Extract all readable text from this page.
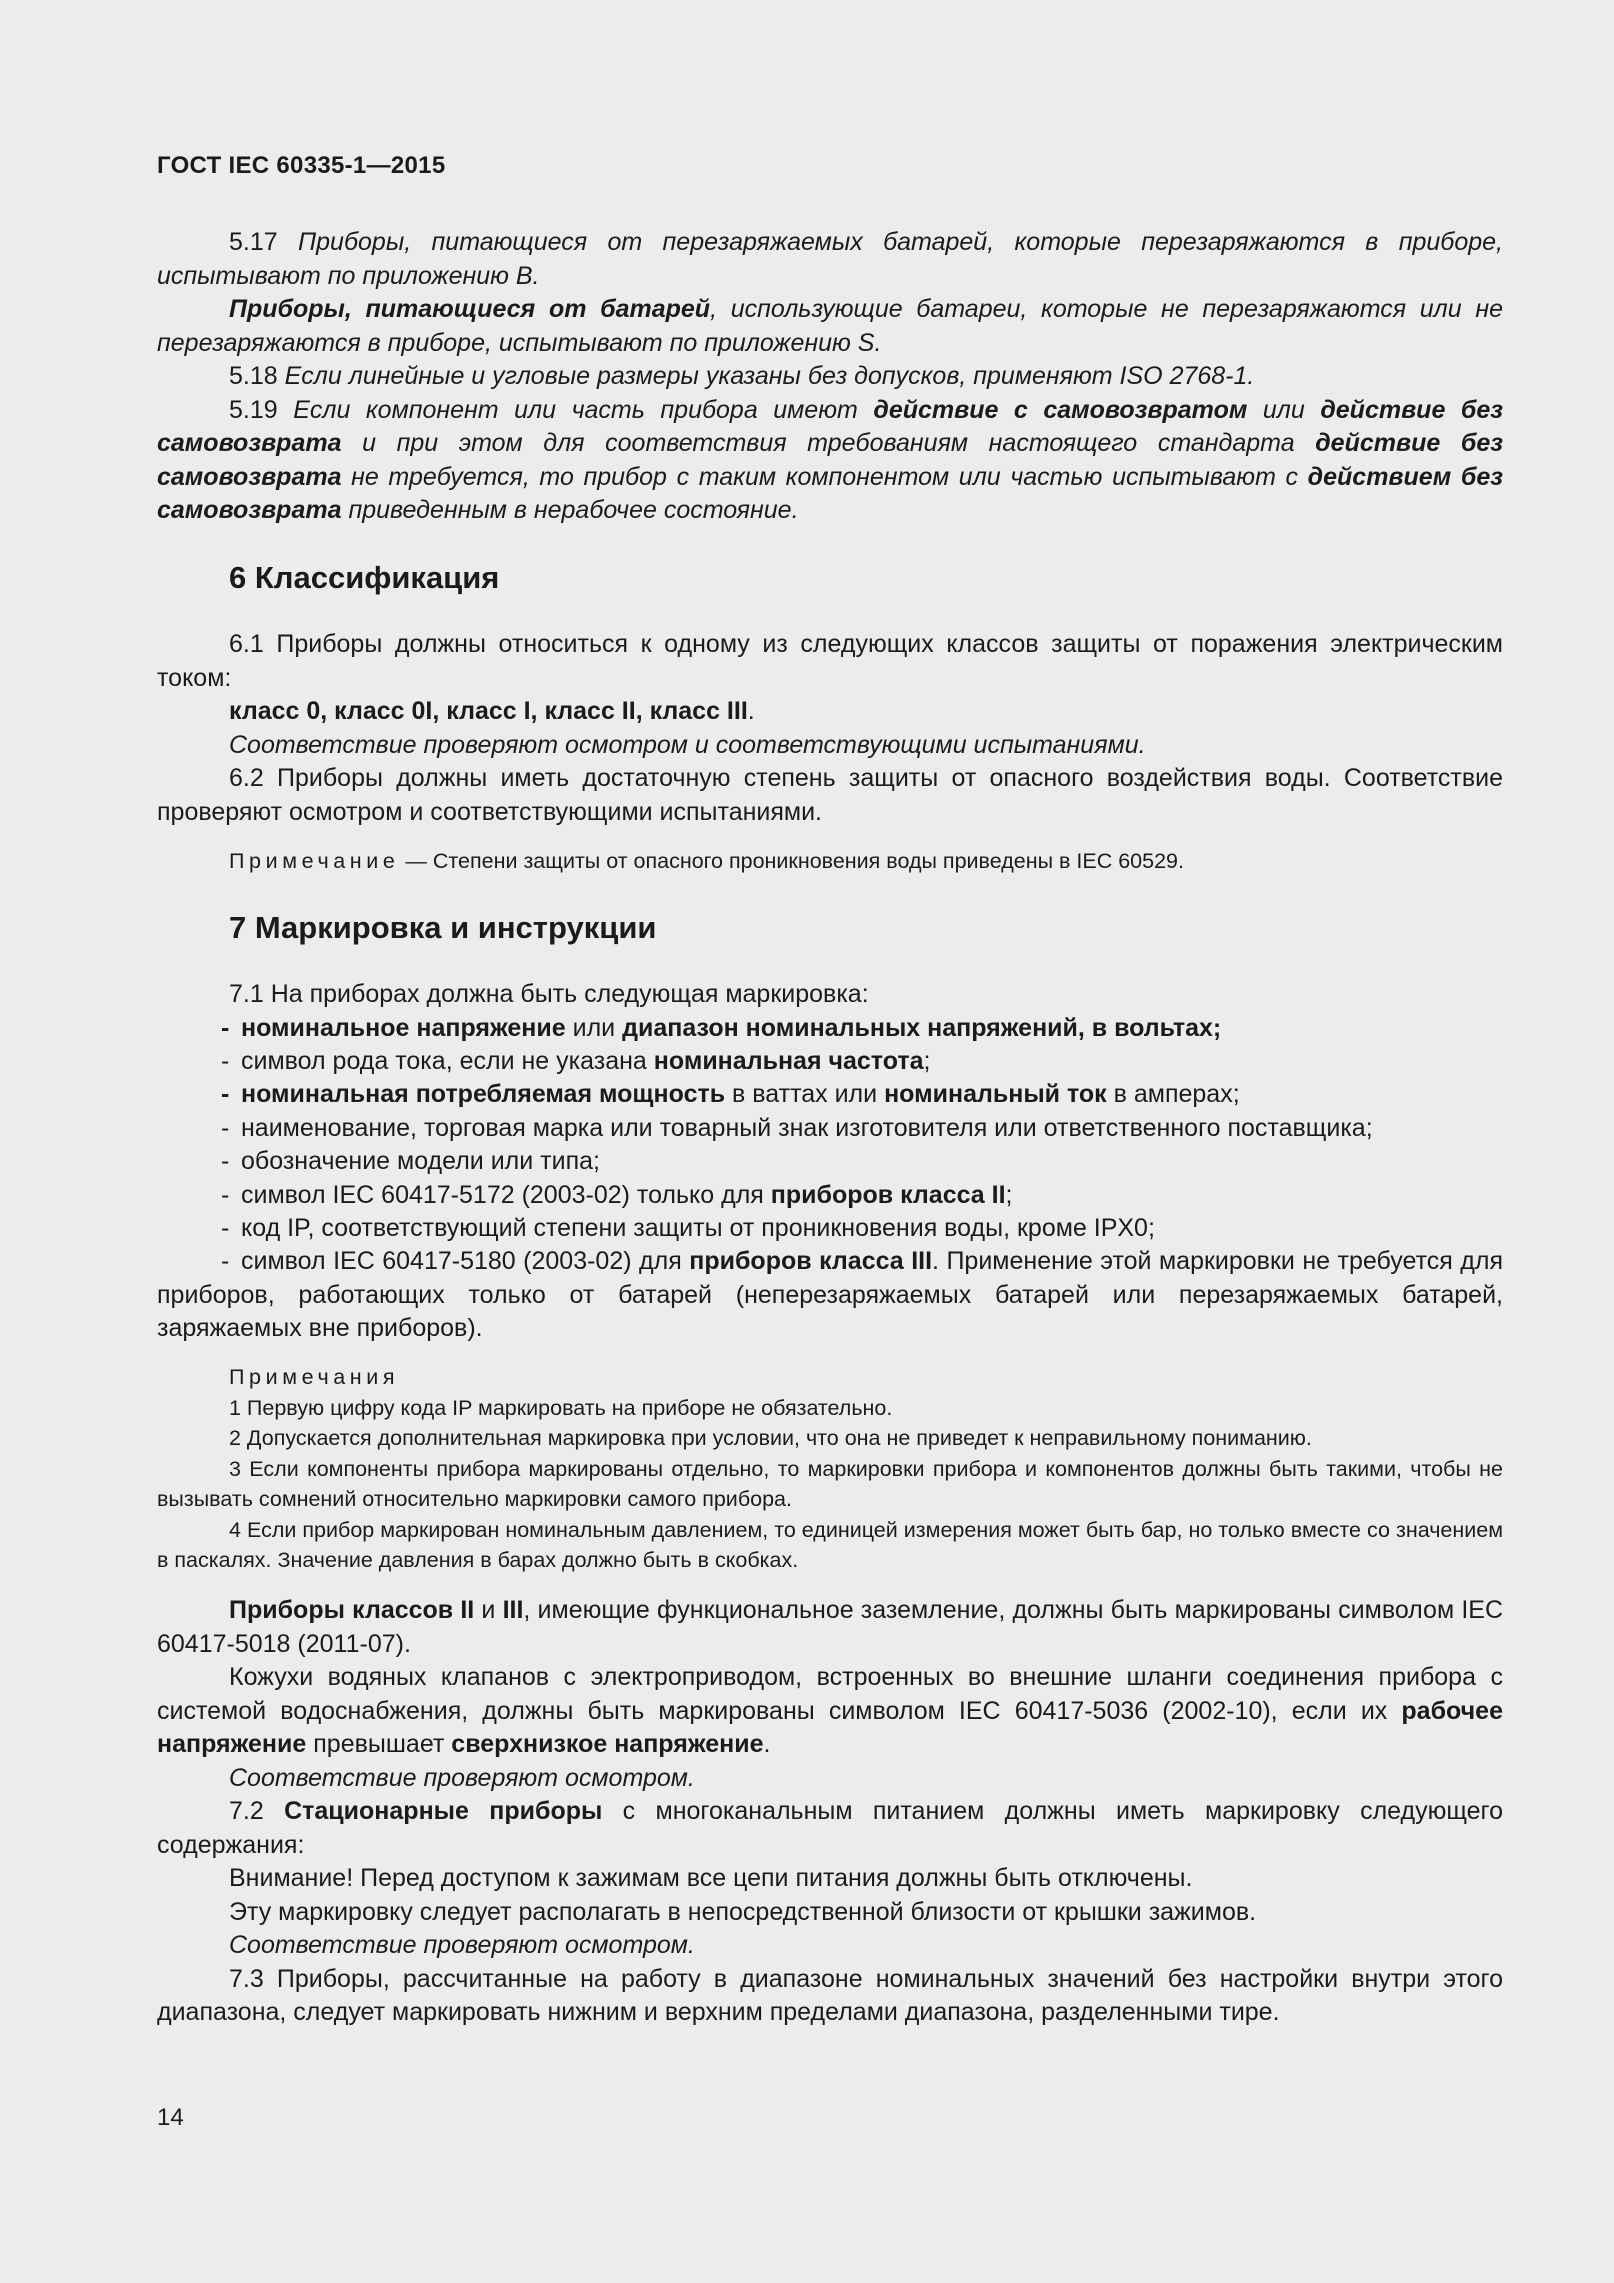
ГОСТ IEC 60335-1—2015

5.17 Приборы, питающиеся от перезаряжаемых батарей, которые перезаряжаются в приборе, испытывают по приложению B.

Приборы, питающиеся от батарей, использующие батареи, которые не перезаряжаются или не перезаряжаются в приборе, испытывают по приложению S.

5.18 Если линейные и угловые размеры указаны без допусков, применяют ISO 2768-1.

5.19 Если компонент или часть прибора имеют действие с самовозвратом или действие без самовозврата и при этом для соответствия требованиям настоящего стандарта действие без самовозврата не требуется, то прибор с таким компонентом или частью испытывают с действием без самовозврата приведенным в нерабочее состояние.

6 Классификация

6.1 Приборы должны относиться к одному из следующих классов защиты от поражения электрическим током:

класс 0, класс 0I, класс I, класс II, класс III.

Соответствие проверяют осмотром и соответствующими испытаниями.

6.2 Приборы должны иметь достаточную степень защиты от опасного воздействия воды. Соответствие проверяют осмотром и соответствующими испытаниями.

Примечание — Степени защиты от опасного проникновения воды приведены в IEC 60529.

7 Маркировка и инструкции

7.1 На приборах должна быть следующая маркировка:

- номинальное напряжение или диапазон номинальных напряжений, в вольтах;

- символ рода тока, если не указана номинальная частота;

- номинальная потребляемая мощность в ваттах или номинальный ток в амперах;

- наименование, торговая марка или товарный знак изготовителя или ответственного поставщика;

- обозначение модели или типа;

- символ IEC 60417-5172 (2003-02) только для приборов класса II;

- код IP, соответствующий степени защиты от проникновения воды, кроме IPX0;

- символ IEC 60417-5180 (2003-02) для приборов класса III. Применение этой маркировки не требуется для приборов, работающих только от батарей (неперезаряжаемых батарей или перезаряжаемых батарей, заряжаемых вне приборов).

Примечания

1 Первую цифру кода IP маркировать на приборе не обязательно.

2 Допускается дополнительная маркировка при условии, что она не приведет к неправильному пониманию.

3 Если компоненты прибора маркированы отдельно, то маркировки прибора и компонентов должны быть такими, чтобы не вызывать сомнений относительно маркировки самого прибора.

4 Если прибор маркирован номинальным давлением, то единицей измерения может быть бар, но только вместе со значением в паскалях. Значение давления в барах должно быть в скобках.

Приборы классов II и III, имеющие функциональное заземление, должны быть маркированы символом IEC 60417-5018 (2011-07).

Кожухи водяных клапанов с электроприводом, встроенных во внешние шланги соединения прибора с системой водоснабжения, должны быть маркированы символом IEC 60417-5036 (2002-10), если их рабочее напряжение превышает сверхнизкое напряжение.

Соответствие проверяют осмотром.

7.2 Стационарные приборы с многоканальным питанием должны иметь маркировку следующего содержания:

Внимание! Перед доступом к зажимам все цепи питания должны быть отключены.

Эту маркировку следует располагать в непосредственной близости от крышки зажимов.

Соответствие проверяют осмотром.

7.3 Приборы, рассчитанные на работу в диапазоне номинальных значений без настройки внутри этого диапазона, следует маркировать нижним и верхним пределами диапазона, разделенными тире.

14
